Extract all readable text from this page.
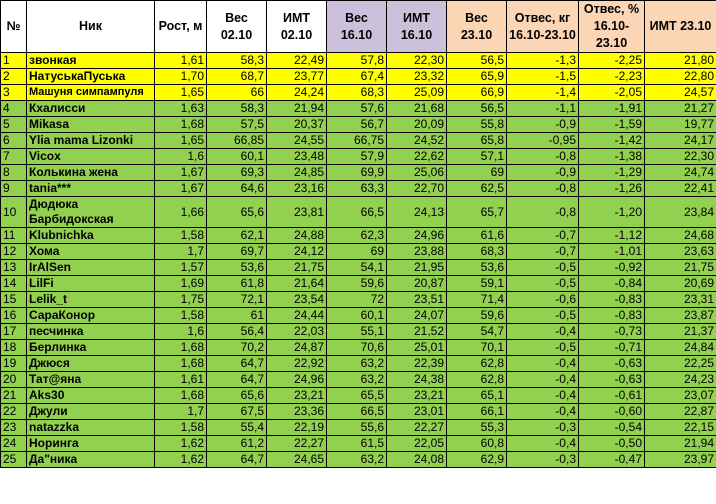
№	Ник	Рост, м	Вес 02.10	ИМТ 02.10	Вес 16.10	ИМТ 16.10	Вес 23.10	Отвес, кг 16.10-23.10	Отвес, % 16.10-23.10	ИМТ 23.10
1	звонкая	1,61	58,3	22,49	57,8	22,30	56,5	-1,3	-2,25	21,80
2	НатуськаПуська	1,70	68,7	23,77	67,4	23,32	65,9	-1,5	-2,23	22,80
3	Машуня симпампуля	1,65	66	24,24	68,3	25,09	66,9	-1,4	-2,05	24,57
4	Кхалисси	1,63	58,3	21,94	57,6	21,68	56,5	-1,1	-1,91	21,27
5	Mikasa	1,68	57,5	20,37	56,7	20,09	55,8	-0,9	-1,59	19,77
6	Ylia mama Lizonki	1,65	66,85	24,55	66,75	24,52	65,8	-0,95	-1,42	24,17
7	Vicox	1,6	60,1	23,48	57,9	22,62	57,1	-0,8	-1,38	22,30
8	Колькина жена	1,67	69,3	24,85	69,9	25,06	69	-0,9	-1,29	24,74
9	tania***	1,67	64,6	23,16	63,3	22,70	62,5	-0,8	-1,26	22,41
10	Дюдюка Барбидокская	1,66	65,6	23,81	66,5	24,13	65,7	-0,8	-1,20	23,84
11	Klubnichka	1,58	62,1	24,88	62,3	24,96	61,6	-0,7	-1,12	24,68
12	Хома	1,7	69,7	24,12	69	23,88	68,3	-0,7	-1,01	23,63
13	IrAlSen	1,57	53,6	21,75	54,1	21,95	53,6	-0,5	-0,92	21,75
14	LilFi	1,69	61,8	21,64	59,6	20,87	59,1	-0,5	-0,84	20,69
15	Lelik_t	1,75	72,1	23,54	72	23,51	71,4	-0,6	-0,83	23,31
16	СараКонор	1,58	61	24,44	60,1	24,07	59,6	-0,5	-0,83	23,87
17	песчинка	1,6	56,4	22,03	55,1	21,52	54,7	-0,4	-0,73	21,37
18	Берлинка	1,68	70,2	24,87	70,6	25,01	70,1	-0,5	-0,71	24,84
19	Джюся	1,68	64,7	22,92	63,2	22,39	62,8	-0,4	-0,63	22,25
20	Тат@яна	1,61	64,7	24,96	63,2	24,38	62,8	-0,4	-0,63	24,23
21	Aks30	1,68	65,6	23,21	65,5	23,21	65,1	-0,4	-0,61	23,07
22	Джули	1,7	67,5	23,36	66,5	23,01	66,1	-0,4	-0,60	22,87
23	natazzka	1,58	55,4	22,19	55,6	22,27	55,3	-0,3	-0,54	22,15
24	Норинга	1,62	61,2	22,27	61,5	22,05	60,8	-0,4	-0,50	21,94
25	Да"ника	1,62	64,7	24,65	63,2	24,08	62,9	-0,3	-0,47	23,97
